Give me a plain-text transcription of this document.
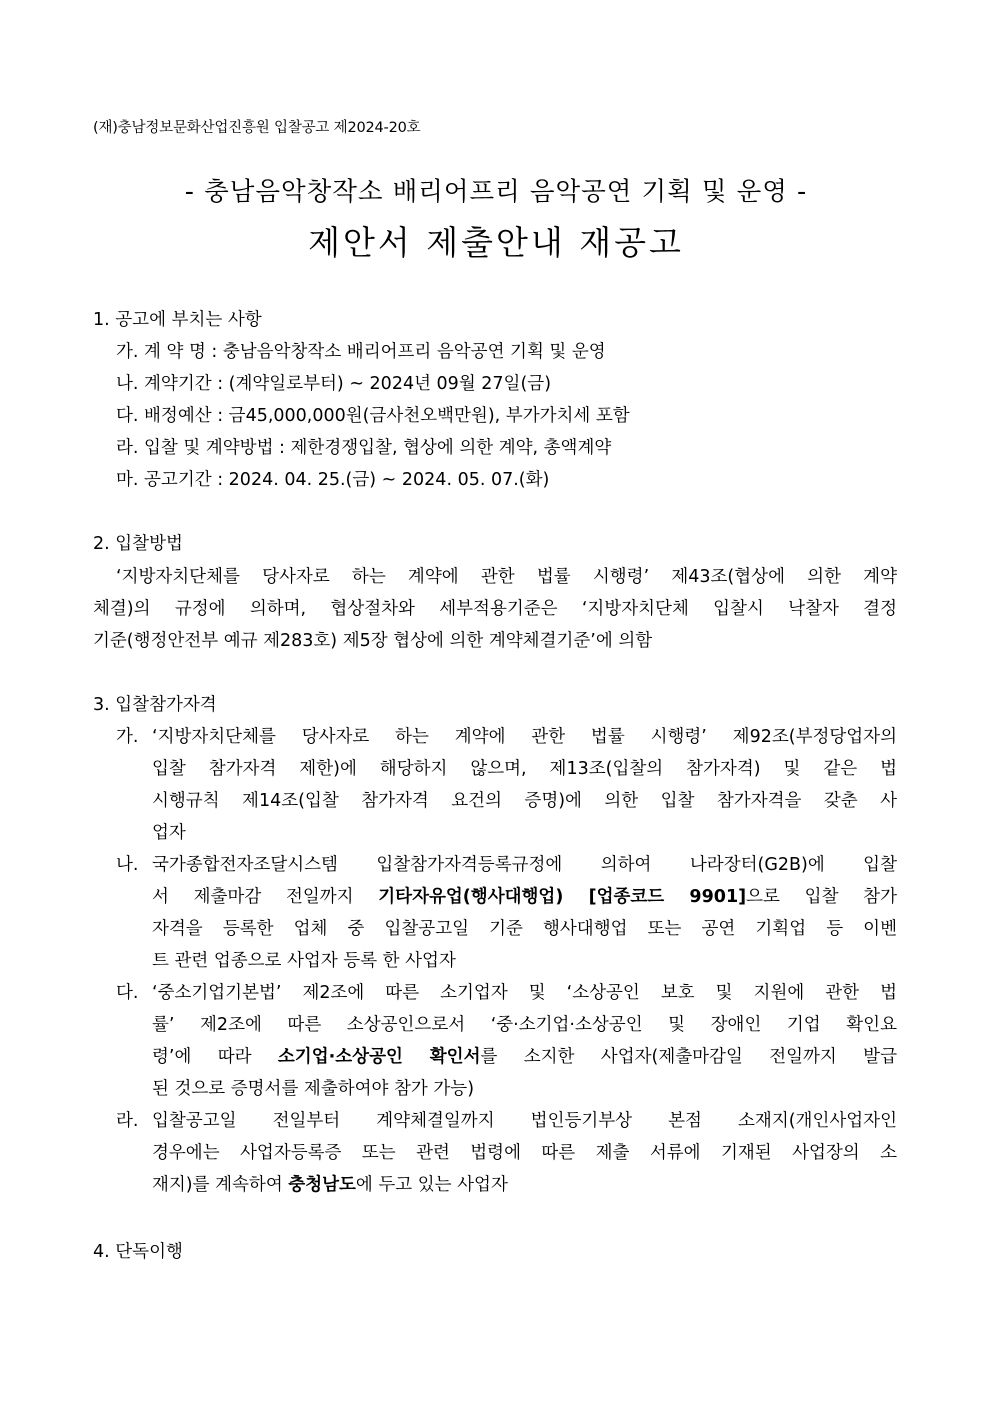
(재)충남정보문화산업진흥원 입찰공고 제2024-20호
- 충남음악창작소 배리어프리 음악공연 기획 및 운영 -
제안서 제출안내 재공고
1. 공고에 부치는 사항
가. 계 약 명 : 충남음악창작소 배리어프리 음악공연 기획 및 운영
나. 계약기간 : (계약일로부터) ~ 2024년 09월 27일(금)
다. 배정예산 : 금45,000,000원(금사천오백만원), 부가가치세 포함
라. 입찰 및 계약방법 : 제한경쟁입찰, 협상에 의한 계약, 총액계약
마. 공고기간 : 2024. 04. 25.(금) ~ 2024. 05. 07.(화)
2. 입찰방법
‘지방자치단체를 당사자로 하는 계약에 관한 법률 시행령’ 제43조(협상에 의한 계약
체결)의 규정에 의하며, 협상절차와 세부적용기준은 ‘지방자치단체 입찰시 낙찰자 결정
기준(행정안전부 예규 제283호) 제5장 협상에 의한 계약체결기준’에 의함
3. 입찰참가자격
가. ‘지방자치단체를 당사자로 하는 계약에 관한 법률 시행령’ 제92조(부정당업자의
입찰 참가자격 제한)에 해당하지 않으며, 제13조(입찰의 참가자격) 및 같은 법
시행규칙 제14조(입찰 참가자격 요건의 증명)에 의한 입찰 참가자격을 갖춘 사
업자
나. 국가종합전자조달시스템 입찰참가자격등록규정에 의하여 나라장터(G2B)에 입찰
서 제출마감 전일까지 기타자유업(행사대행업) [업종코드 9901]으로 입찰 참가
자격을 등록한 업체 중 입찰공고일 기준 행사대행업 또는 공연 기획업 등 이벤
트 관련 업종으로 사업자 등록 한 사업자
다. ‘중소기업기본법’ 제2조에 따른 소기업자 및 ‘소상공인 보호 및 지원에 관한 법
률’ 제2조에 따른 소상공인으로서 ‘중·소기업·소상공인 및 장애인 기업 확인요
령’에 따라 소기업·소상공인 확인서를 소지한 사업자(제출마감일 전일까지 발급
된 것으로 증명서를 제출하여야 참가 가능)
라. 입찰공고일 전일부터 계약체결일까지 법인등기부상 본점 소재지(개인사업자인
경우에는 사업자등록증 또는 관련 법령에 따른 제출 서류에 기재된 사업장의 소
재지)를 계속하여 충청남도에 두고 있는 사업자
4. 단독이행
